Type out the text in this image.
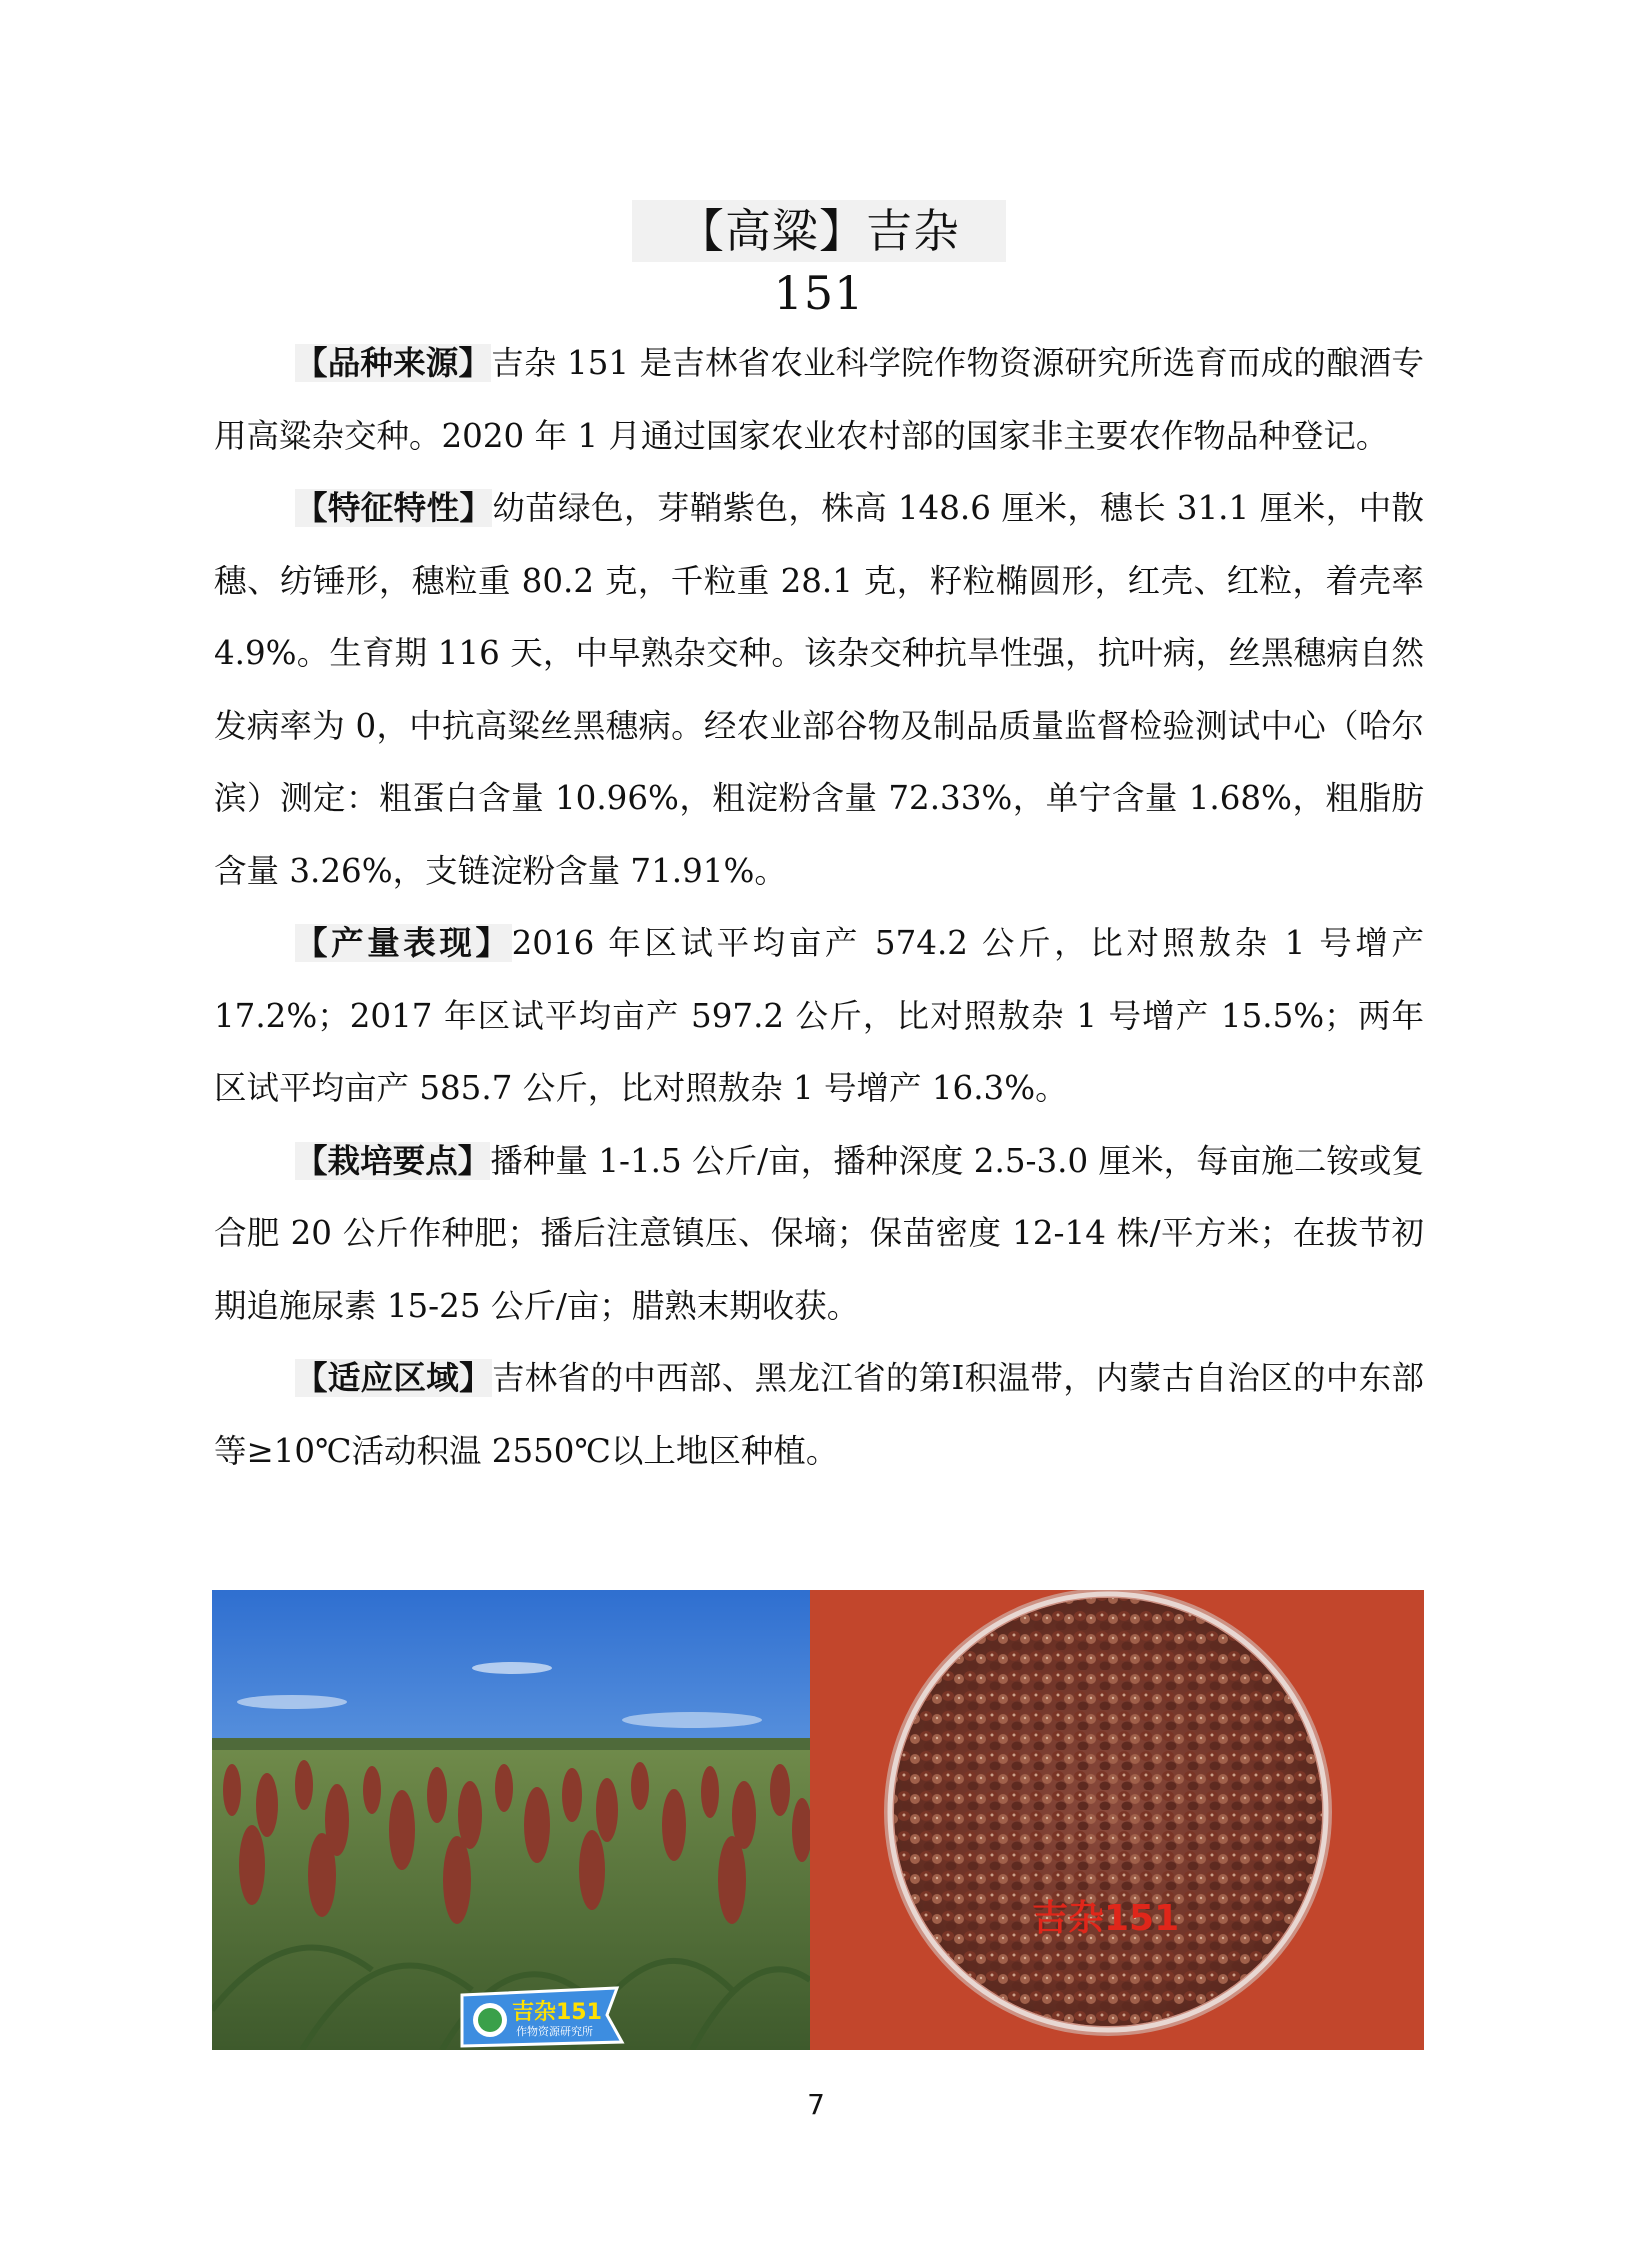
【高粱】吉杂 151

【品种来源】吉杂 151 是吉林省农业科学院作物资源研究所选育而成的酿酒专用高粱杂交种。2020 年 1 月通过国家农业农村部的国家非主要农作物品种登记。

【特征特性】幼苗绿色，芽鞘紫色，株高 148.6 厘米，穗长 31.1 厘米，中散穗、纺锤形，穗粒重 80.2 克，千粒重 28.1 克，籽粒椭圆形，红壳、红粒，着壳率 4.9%。生育期 116 天，中早熟杂交种。该杂交种抗旱性强，抗叶病，丝黑穗病自然发病率为 0，中抗高粱丝黑穗病。经农业部谷物及制品质量监督检验测试中心（哈尔滨）测定：粗蛋白含量 10.96%，粗淀粉含量 72.33%，单宁含量 1.68%，粗脂肪含量 3.26%，支链淀粉含量 71.91%。

【产量表现】2016 年区试平均亩产 574.2 公斤，比对照敖杂 1 号增产 17.2%；2017 年区试平均亩产 597.2 公斤，比对照敖杂 1 号增产 15.5%；两年区试平均亩产 585.7 公斤，比对照敖杂 1 号增产 16.3%。

【栽培要点】播种量 1-1.5 公斤/亩，播种深度 2.5-3.0 厘米，每亩施二铵或复合肥 20 公斤作种肥；播后注意镇压、保墒；保苗密度 12-14 株/平方米；在拔节初期追施尿素 15-25 公斤/亩；腊熟末期收获。

【适应区域】吉林省的中西部、黑龙江省的第Ⅰ积温带，内蒙古自治区的中东部等≥10℃活动积温 2550℃以上地区种植。

吉杂151
作物资源研究所
吉杂151
7
